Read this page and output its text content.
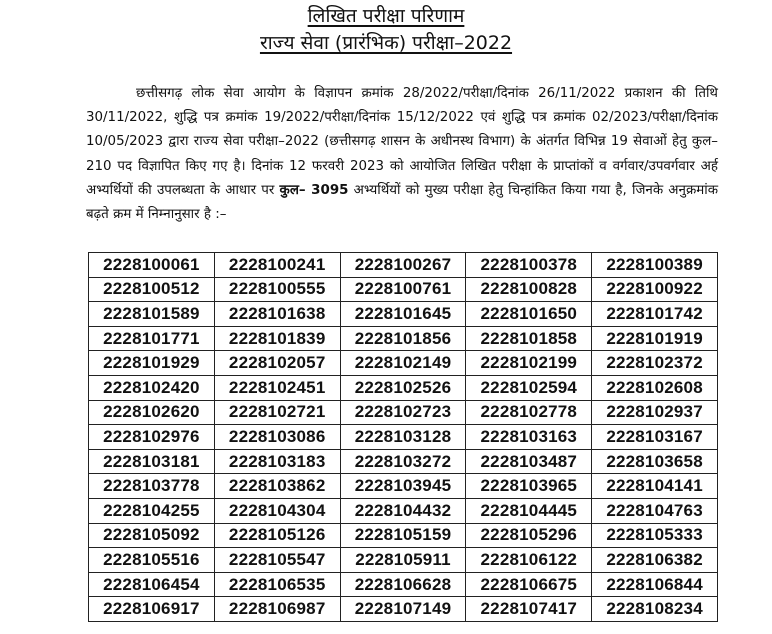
लिखित परीक्षा परिणाम
राज्य सेवा (प्रारंभिक) परीक्षा–2022

छत्तीसगढ़ लोक सेवा आयोग के विज्ञापन क्रमांक 28/2022/परीक्षा/दिनांक 26/11/2022 प्रकाशन की तिथि 30/11/2022, शुद्धि पत्र क्रमांक 19/2022/परीक्षा/दिनांक 15/12/2022 एवं शुद्धि पत्र क्रमांक 02/2023/परीक्षा/दिनांक 10/05/2023 द्वारा राज्य सेवा परीक्षा–2022 (छत्तीसगढ़ शासन के अधीनस्थ विभाग) के अंतर्गत विभिन्न 19 सेवाओं हेतु कुल–210 पद विज्ञापित किए गए है। दिनांक 12 फरवरी 2023 को आयोजित लिखित परीक्षा के प्राप्तांकों व वर्गवार/उपवर्गवार अर्ह अभ्यर्थियों की उपलब्धता के आधार पर कुल– 3095 अभ्यर्थियों को मुख्य परीक्षा हेतु चिन्हांकित किया गया है, जिनके अनुक्रमांक बढ़ते क्रम में निम्नानुसार है :–

2228100061	2228100241	2228100267	2228100378	2228100389
2228100512	2228100555	2228100761	2228100828	2228100922
2228101589	2228101638	2228101645	2228101650	2228101742
2228101771	2228101839	2228101856	2228101858	2228101919
2228101929	2228102057	2228102149	2228102199	2228102372
2228102420	2228102451	2228102526	2228102594	2228102608
2228102620	2228102721	2228102723	2228102778	2228102937
2228102976	2228103086	2228103128	2228103163	2228103167
2228103181	2228103183	2228103272	2228103487	2228103658
2228103778	2228103862	2228103945	2228103965	2228104141
2228104255	2228104304	2228104432	2228104445	2228104763
2228105092	2228105126	2228105159	2228105296	2228105333
2228105516	2228105547	2228105911	2228106122	2228106382
2228106454	2228106535	2228106628	2228106675	2228106844
2228106917	2228106987	2228107149	2228107417	2228108234
